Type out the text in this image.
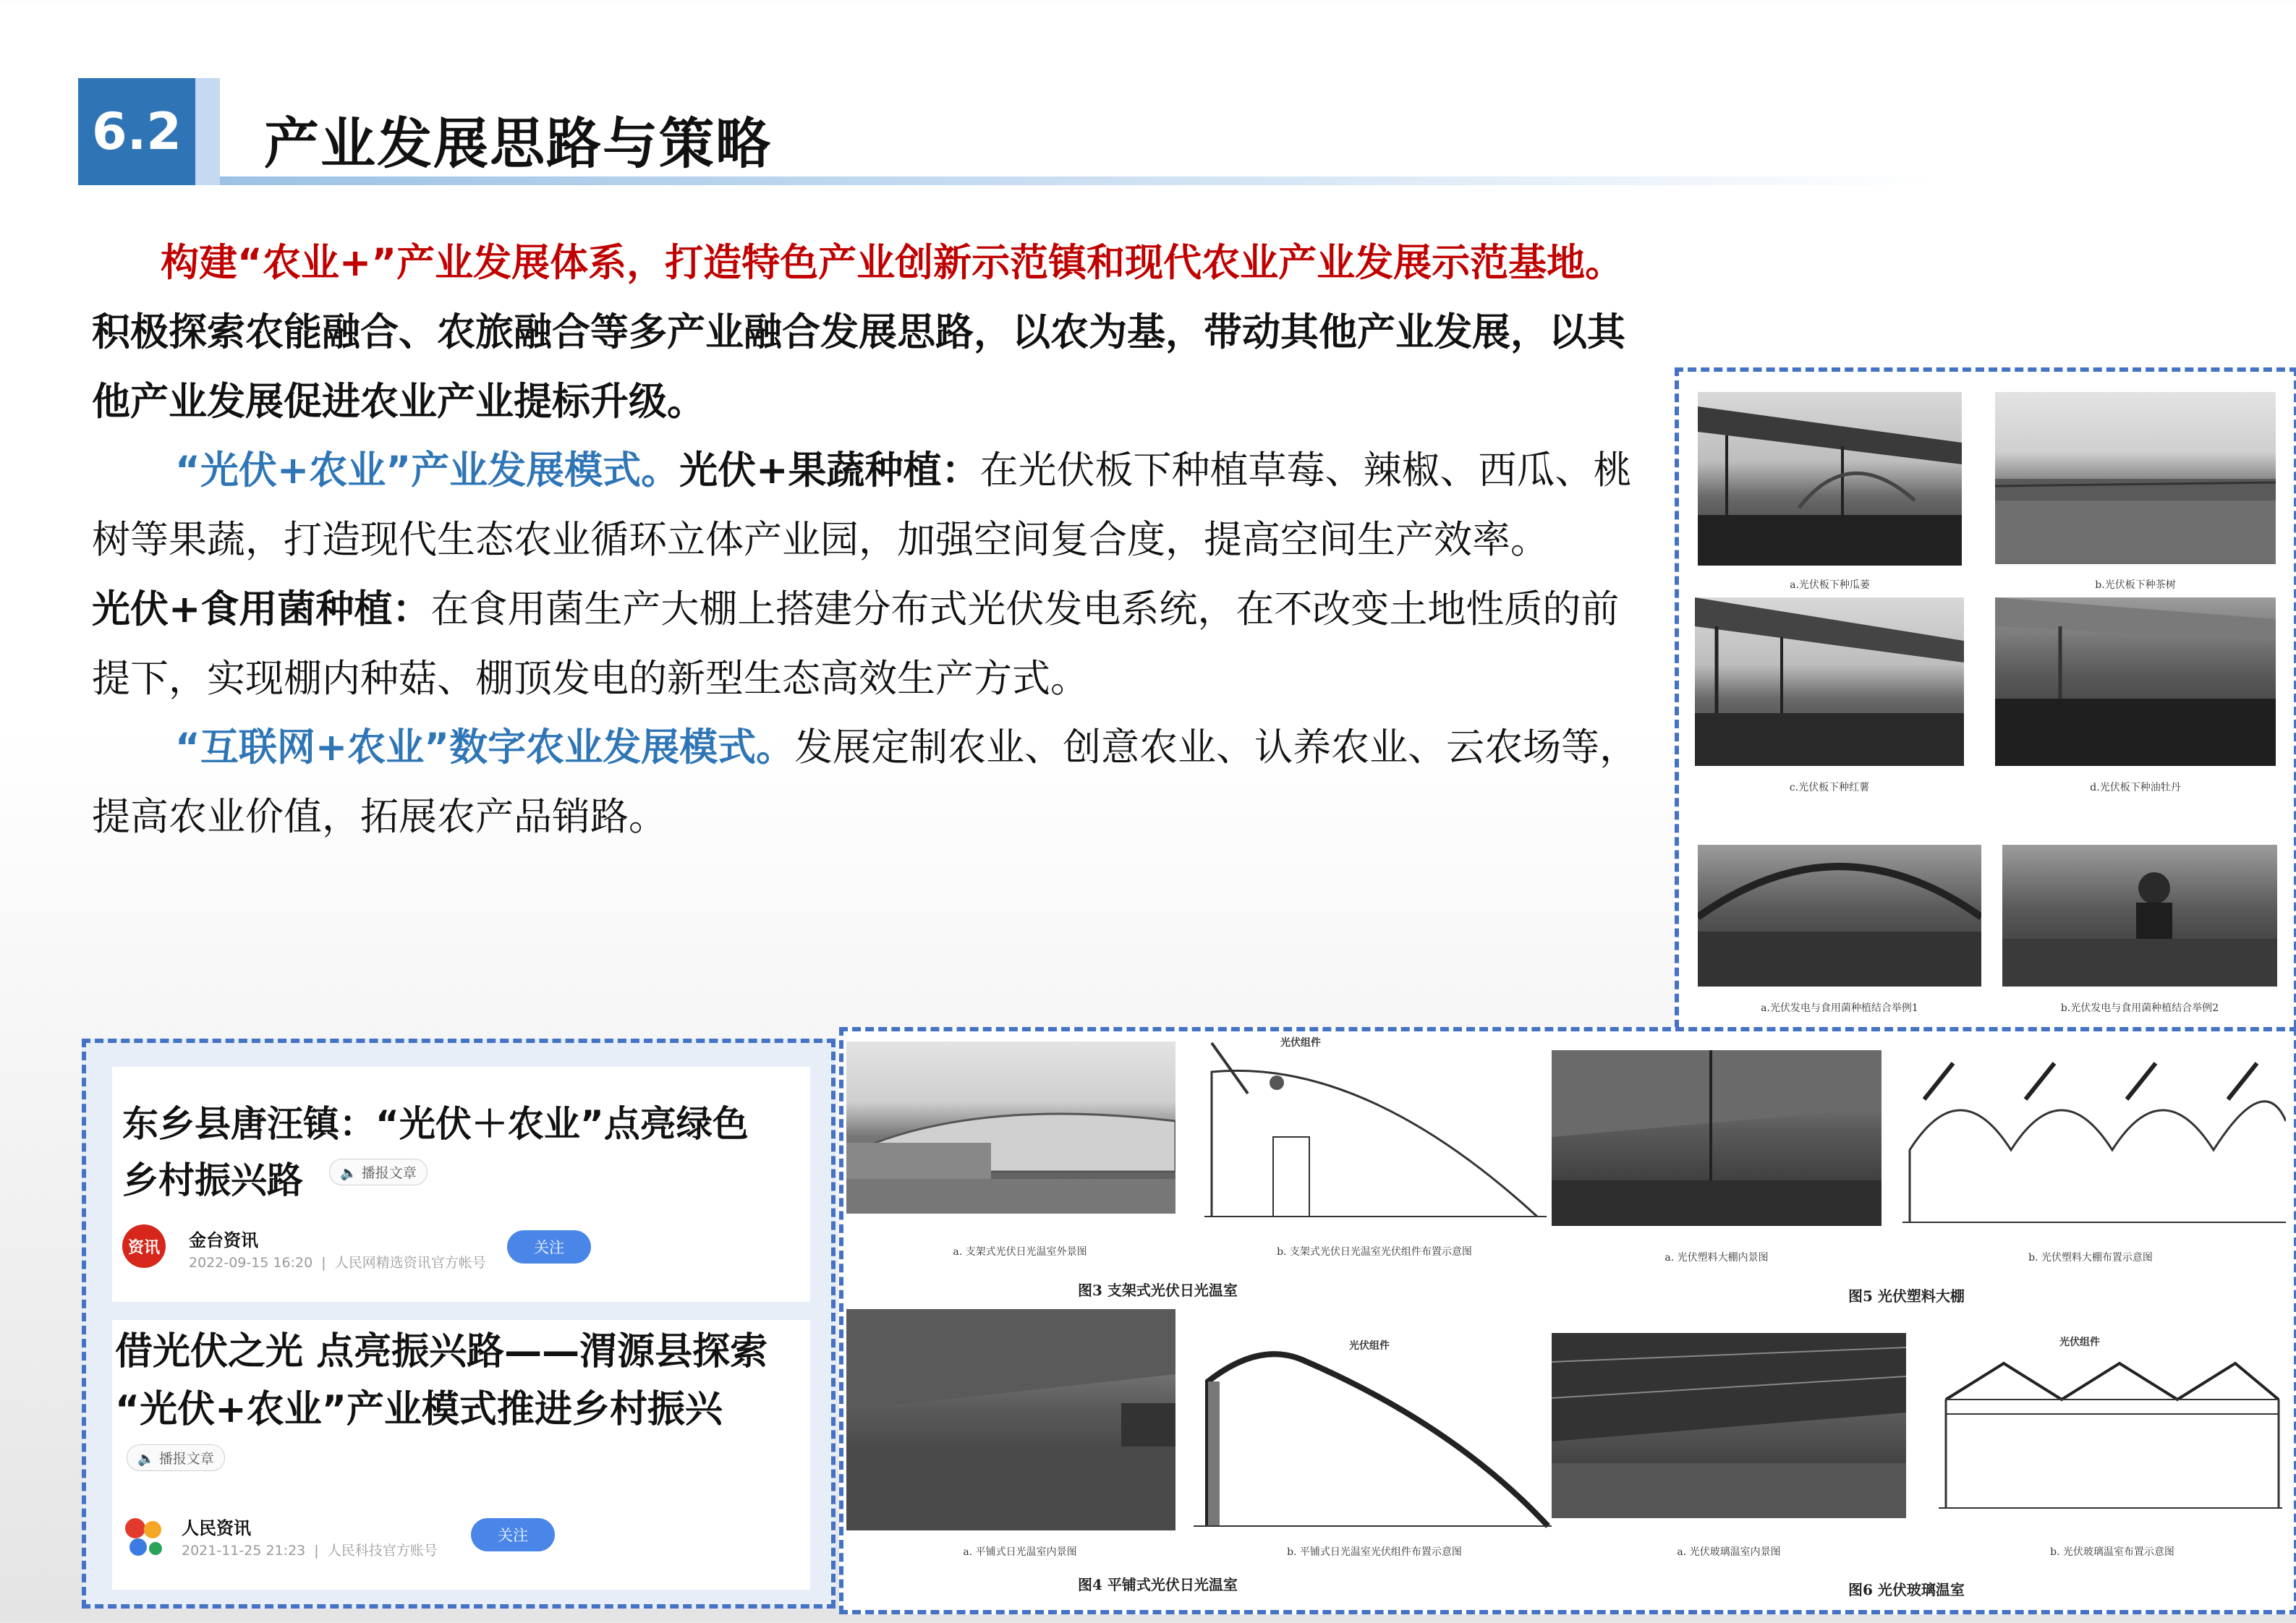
6.2 产业发展思路与策略
构建“农业+”产业发展体系，打造特色产业创新示范镇和现代农业产业发展示范基地。积极探索农能融合、农旅融合等多产业融合发展思路，以农为基，带动其他产业发展，以其他产业发展促进农业产业提标升级。
“光伏+农业”产业发展模式。光伏+果蔬种植：在光伏板下种植草莓、辣椒、西瓜、桃树等果蔬，打造现代生态农业循环立体产业园，加强空间复合度，提高空间生产效率。
光伏+食用菌种植：在食用菌生产大棚上搭建分布式光伏发电系统，在不改变土地性质的前提下，实现棚内种菇、棚顶发电的新型生态高效生产方式。
“互联网+农业”数字农业发展模式。发展定制农业、创意农业、认养农业、云农场等，提高农业价值，拓展农产品销路。
a.光伏板下种瓜蒌	b.光伏板下种茶树
c.光伏板下种红薯	d.光伏板下种油牡丹
a.光伏发电与食用菌种植结合举例1	b.光伏发电与食用菌种植结合举例2
a. 支架式光伏日光温室外景图
光伏组件
b. 支架式光伏日光温室光伏组件布置示意图
图3 支架式光伏日光温室
a. 光伏塑料大棚内景图	b. 光伏塑料大棚布置示意图
图5 光伏塑料大棚
a. 平铺式日光温室内景图
光伏组件
b. 平铺式日光温室光伏组件布置示意图
图4 平铺式光伏日光温室
a. 光伏玻璃温室内景图
光伏组件
b. 光伏玻璃温室布置示意图
图6 光伏玻璃温室
东乡县唐汪镇：“光伏＋农业”点亮绿色
乡村振兴路	🔈 播报文章
资讯 金台资讯
2022-09-15 16:20  |  人民网精选资讯官方帐号
关注
借光伏之光 点亮振兴路——渭源县探索
“光伏+农业”产业模式推进乡村振兴
🔈 播报文章
人民资讯
2021-11-25 21:23  |  人民科技官方账号
关注
